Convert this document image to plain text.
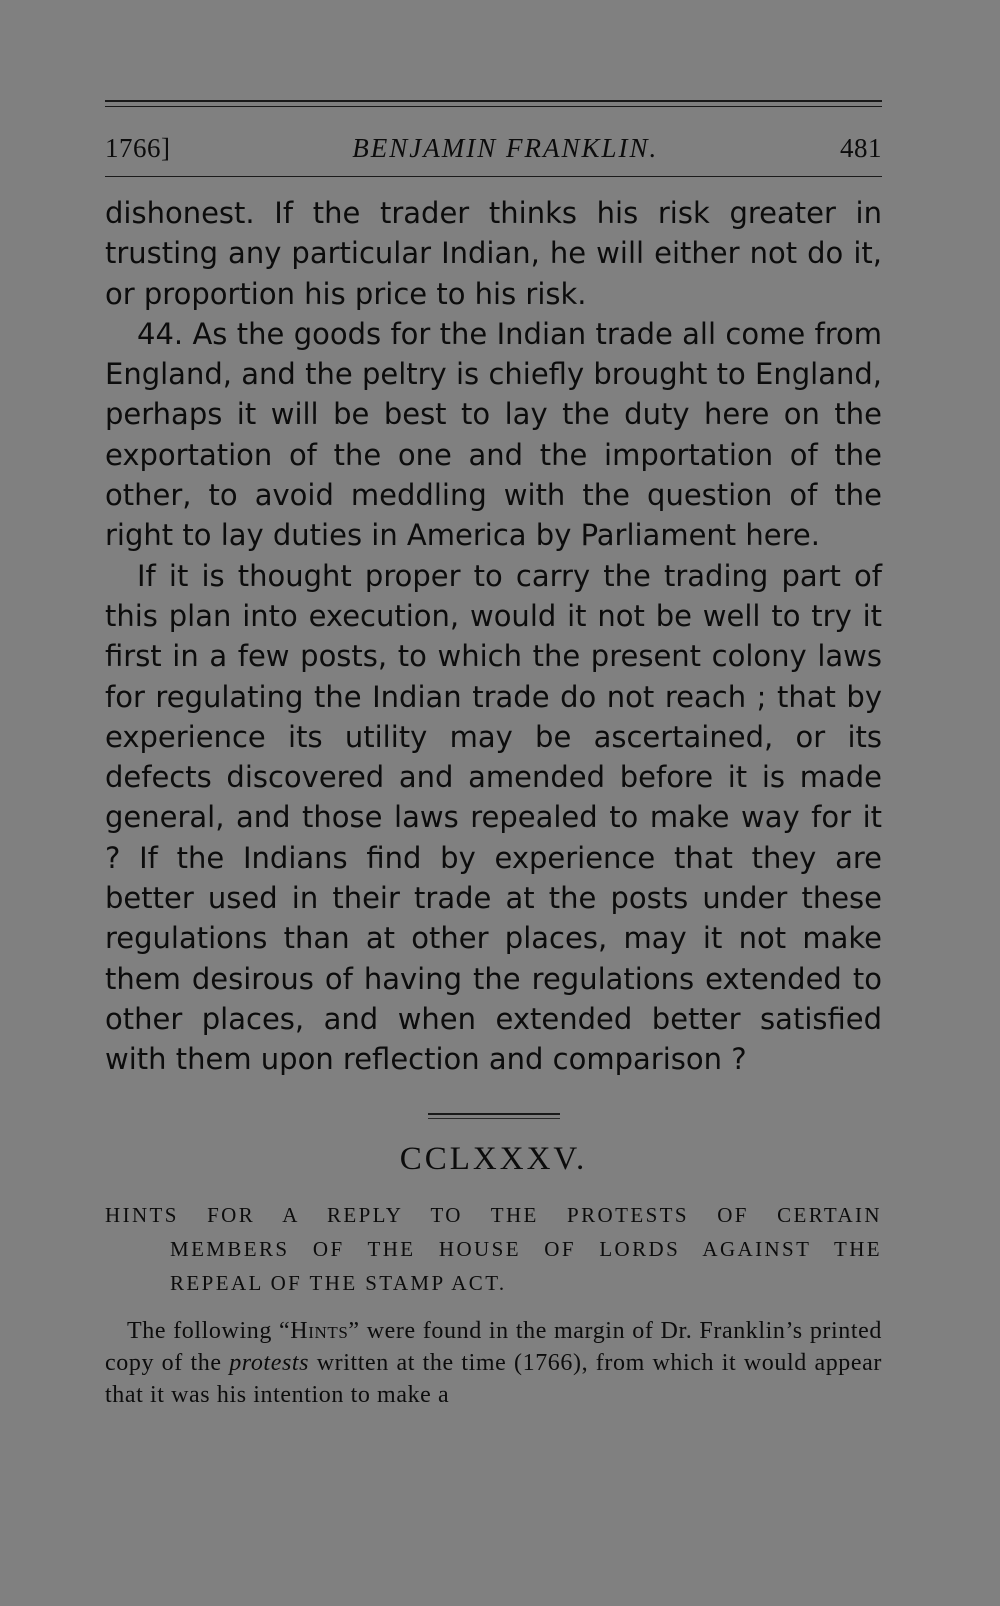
1766]	BENJAMIN FRANKLIN.	481

dishonest. If the trader thinks his risk greater in trusting any particular Indian, he will either not do it, or proportion his price to his risk.

44. As the goods for the Indian trade all come from England, and the peltry is chiefly brought to England, perhaps it will be best to lay the duty here on the exportation of the one and the importation of the other, to avoid meddling with the question of the right to lay duties in America by Parliament here.

If it is thought proper to carry the trading part of this plan into execution, would it not be well to try it first in a few posts, to which the present colony laws for regulating the Indian trade do not reach ; that by experience its utility may be ascertained, or its defects discovered and amended before it is made general, and those laws repealed to make way for it ? If the Indians find by experience that they are better used in their trade at the posts under these regulations than at other places, may it not make them desirous of having the regulations extended to other places, and when extended better satisfied with them upon reflection and comparison ?

CCLXXXV.
HINTS FOR A REPLY TO THE PROTESTS OF CERTAIN
MEMBERS OF THE HOUSE OF LORDS AGAINST THE
REPEAL OF THE STAMP ACT.

The following “Hints” were found in the margin of Dr. Franklin’s printed copy of the protests written at the time (1766), from which it would appear that it was his intention to make a
